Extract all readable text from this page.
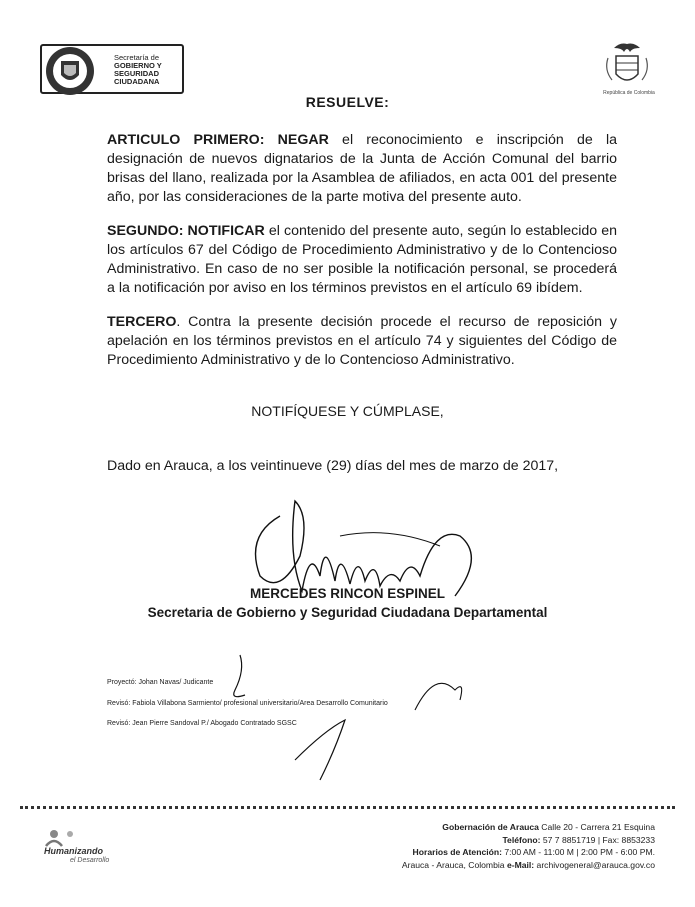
Secretaría de
GOBIERNO Y
SEGURIDAD
CIUDADANA
República de Colombia
RESUELVE:
ARTICULO PRIMERO: NEGAR el reconocimiento e inscripción de la designación de nuevos dignatarios de la Junta de Acción Comunal del barrio brisas del llano, realizada por la Asamblea de afiliados, en acta 001 del presente año, por las consideraciones de la parte motiva del presente auto.
SEGUNDO: NOTIFICAR el contenido del presente auto, según lo establecido en los artículos 67 del Código de Procedimiento Administrativo y de lo Contencioso Administrativo. En caso de no ser posible la notificación personal, se procederá a la notificación por aviso en los términos previstos en el artículo 69 ibídem.
TERCERO. Contra la presente decisión procede el recurso de reposición y apelación en los términos previstos en el artículo 74 y siguientes del Código de Procedimiento Administrativo y de lo Contencioso Administrativo.
NOTIFÍQUESE Y CÚMPLASE,
Dado en Arauca, a los veintinueve (29) días del mes de marzo de 2017,
MERCEDES RINCON ESPINEL
Secretaria de Gobierno y Seguridad Ciudadana Departamental
Proyectó: Johan Navas/ Judicante
Revisó: Fabiola Villabona Sarmiento/ profesional universitario/Area Desarrollo Comunitario
Revisó: Jean Pierre Sandoval P./ Abogado Contratado SGSC
Humanizando
el Desarrollo
Gobernación de Arauca Calle 20 - Carrera 21 Esquina
Teléfono: 57 7 8851719 | Fax: 8853233
Horarios de Atención: 7:00 AM - 11:00 M | 2:00 PM - 6:00 PM.
Arauca - Arauca, Colombia e-Mail: archivogeneral@arauca.gov.co
